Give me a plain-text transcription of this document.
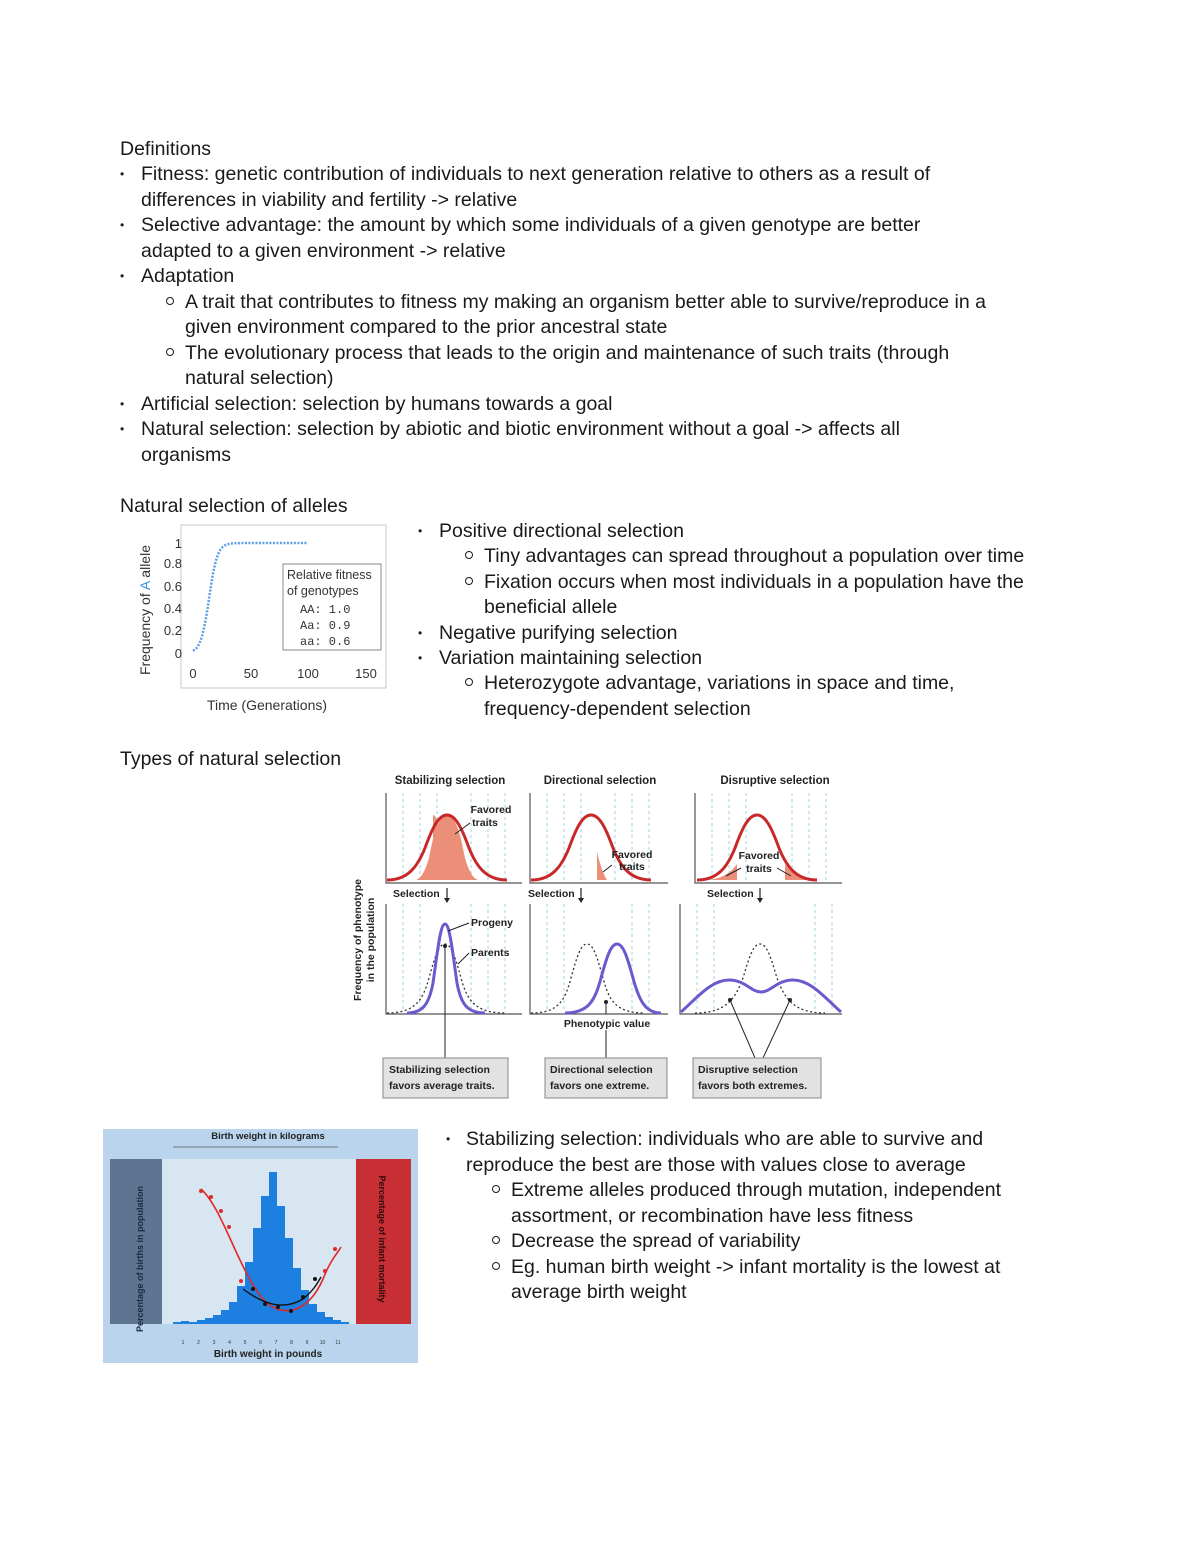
Definitions
• Fitness: genetic contribution of individuals to next generation relative to others as a result of
differences in viability and fertility -> relative
• Selective advantage: the amount by which some individuals of a given genotype are better
adapted to a given environment -> relative
• Adaptation
A trait that contributes to fitness my making an organism better able to survive/reproduce in a
given environment compared to the prior ancestral state
The evolutionary process that leads to the origin and maintenance of such traits (through
natural selection)
• Artificial selection: selection by humans towards a goal
• Natural selection: selection by abiotic and biotic environment without a goal -> affects all
organisms
Natural selection of alleles
Frequency of A allele
1
0.8
0.6
0.4
0.2
0
0	50	100	150
Time (Generations)
Relative fitness
of genotypes
AA: 1.0
Aa: 0.9
aa: 0.6
• Positive directional selection
Tiny advantages can spread throughout a population over time
Fixation occurs when most individuals in a population have the
beneficial allele
• Negative purifying selection
• Variation maintaining selection
Heterozygote advantage, variations in space and time,
frequency-dependent selection
Types of natural selection
Stabilizing selection	Directional selection	Disruptive selection
Frequency of phenotype in the population
Favored
traits
Favored
traits
Favored
traits
Selection	Selection	Selection
Progeny
Parents
Phenotypic value
Stabilizing selection
favors average traits.
Directional selection
favors one extreme.
Disruptive selection
favors both extremes.
Birth weight in kilograms
Birth weight in pounds
Percentage of births in population	Percentage of infant mortality
1	2	3	4	5	6	7	8	9 10 11
• Stabilizing selection: individuals who are able to survive and
reproduce the best are those with values close to average
Extreme alleles produced through mutation, independent
assortment, or recombination have less fitness
Decrease the spread of variability
Eg. human birth weight -> infant mortality is the lowest at
average birth weight
